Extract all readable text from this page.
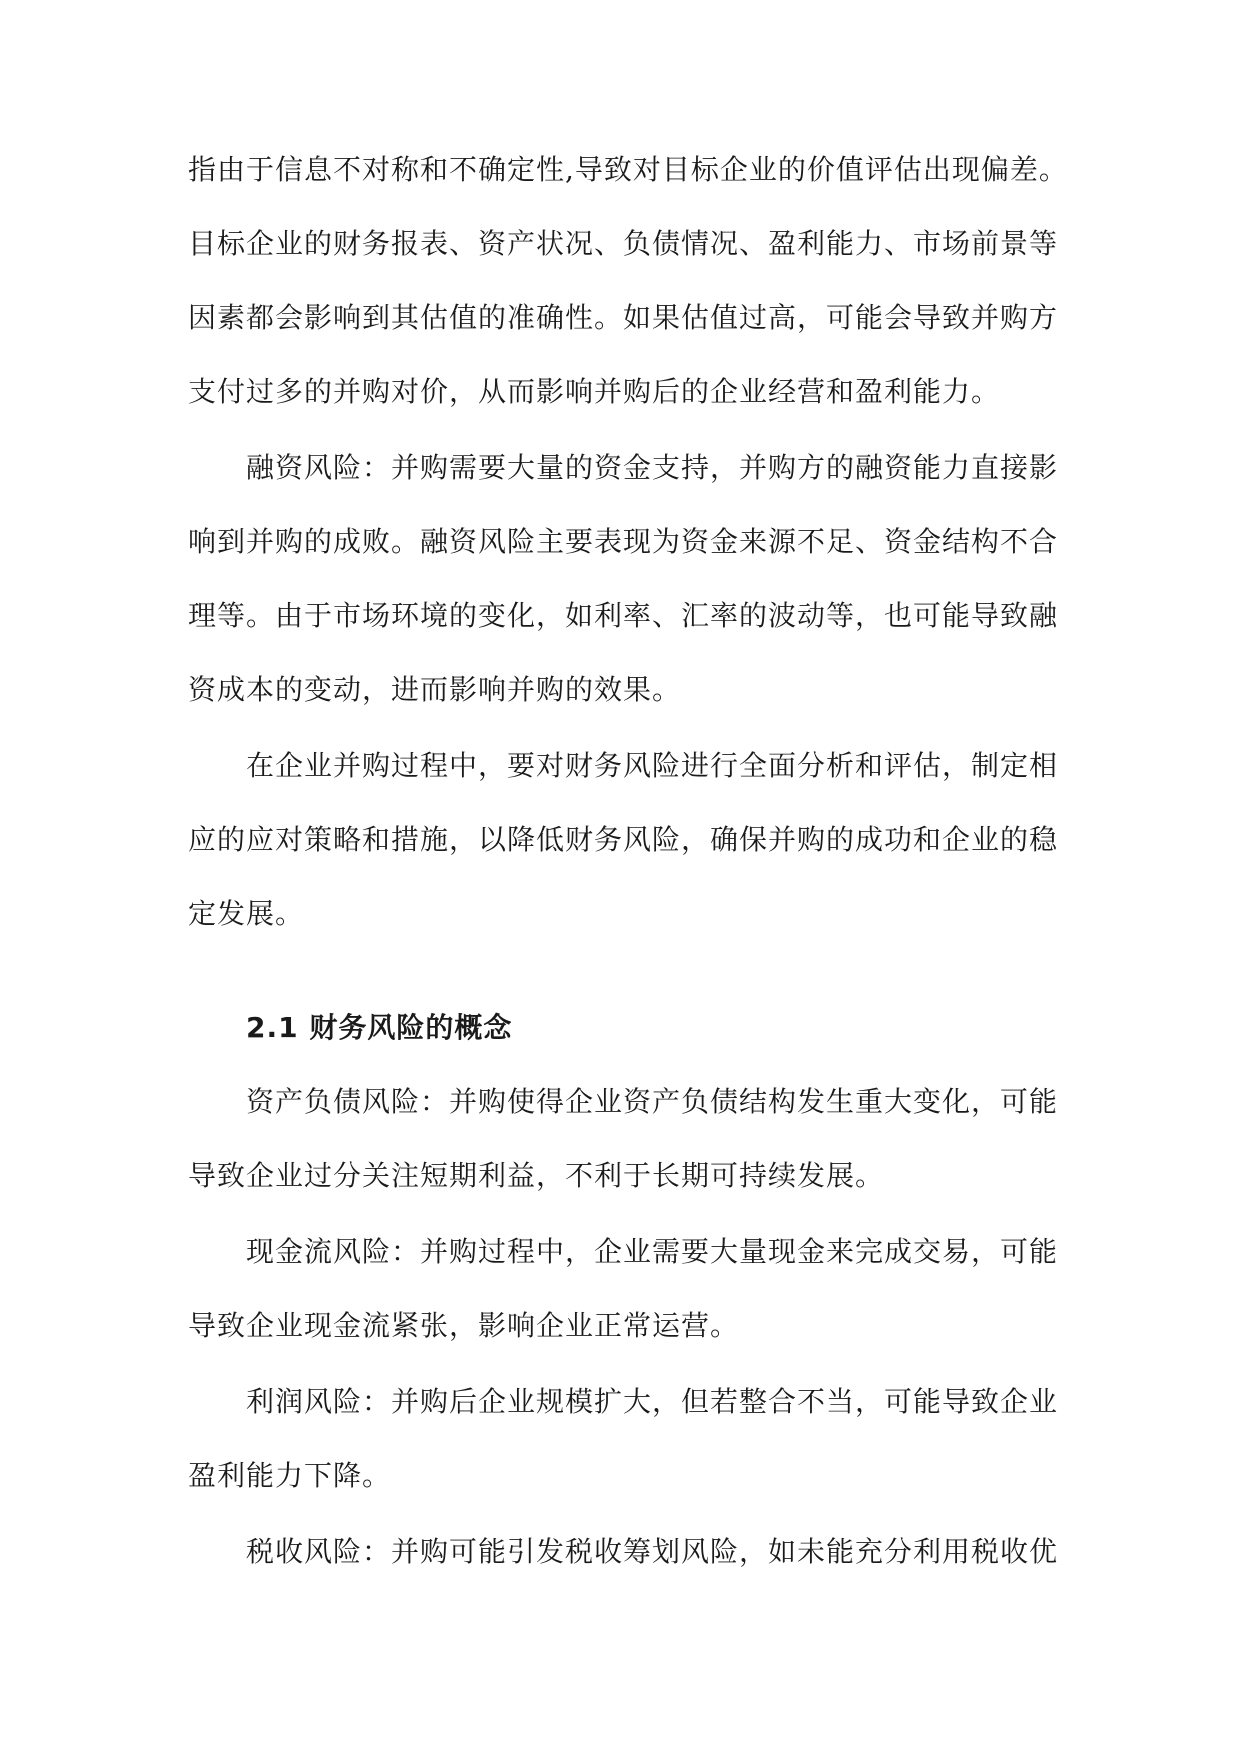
指由于信息不对称和不确定性,导致对目标企业的价值评估出现偏差。
目标企业的财务报表、资产状况、负债情况、盈利能力、市场前景等
因素都会影响到其估值的准确性。如果估值过高，可能会导致并购方
支付过多的并购对价，从而影响并购后的企业经营和盈利能力。
融资风险：并购需要大量的资金支持，并购方的融资能力直接影
响到并购的成败。融资风险主要表现为资金来源不足、资金结构不合
理等。由于市场环境的变化，如利率、汇率的波动等，也可能导致融
资成本的变动，进而影响并购的效果。
在企业并购过程中，要对财务风险进行全面分析和评估，制定相
应的应对策略和措施，以降低财务风险，确保并购的成功和企业的稳
定发展。
2.1 财务风险的概念
资产负债风险：并购使得企业资产负债结构发生重大变化，可能
导致企业过分关注短期利益，不利于长期可持续发展。
现金流风险：并购过程中，企业需要大量现金来完成交易，可能
导致企业现金流紧张，影响企业正常运营。
利润风险：并购后企业规模扩大，但若整合不当，可能导致企业
盈利能力下降。
税收风险：并购可能引发税收筹划风险，如未能充分利用税收优
